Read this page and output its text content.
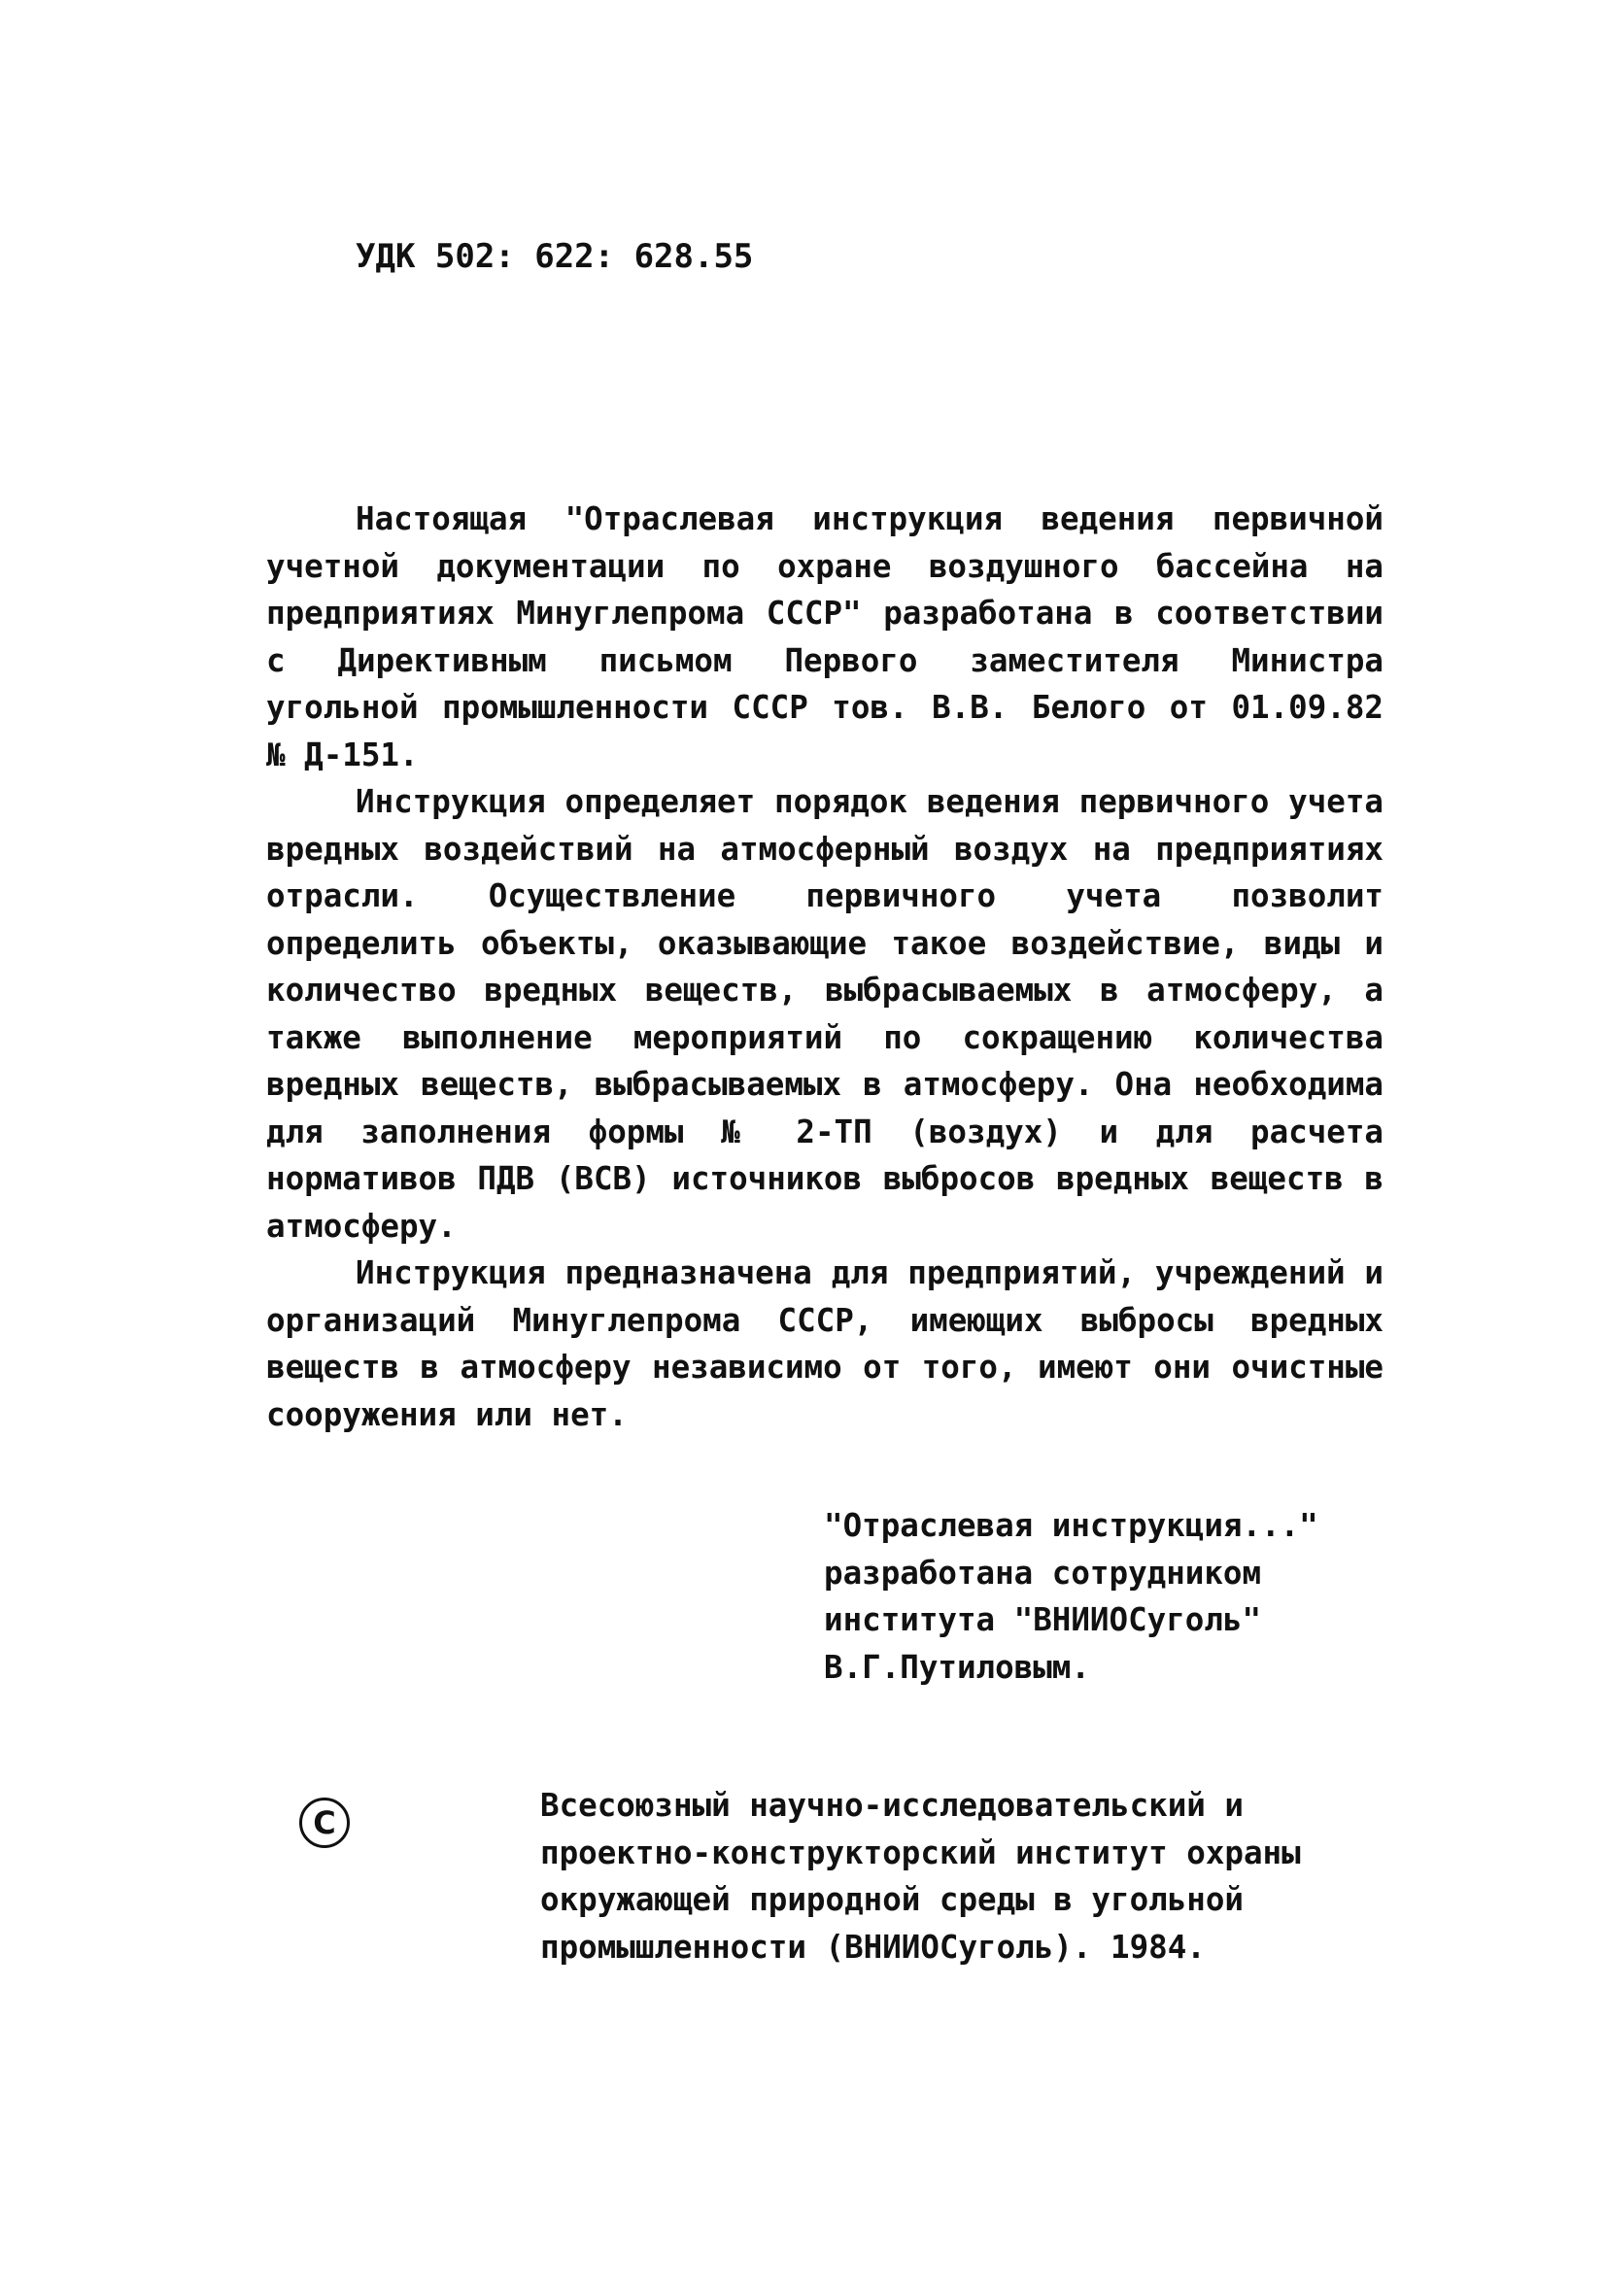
УДК 502: 622: 628.55

Настоящая "Отраслевая инструкция ведения первичной учетной документации по охране воздушного бассейна на предприятиях Минуглепрома СССР" разработана в соответствии с Директивным письмом Первого заместителя Министра угольной промышленности СССР тов. В.В. Белого от 01.09.82 № Д-151.

Инструкция определяет порядок ведения первичного учета вредных воздействий на атмосферный воздух на предприятиях отрасли. Осуществление первичного учета позволит определить объекты, оказывающие такое воздействие, виды и количество вредных веществ, выбрасываемых в атмосферу, а также выполнение мероприятий по сокращению количества вредных веществ, выбрасываемых в атмосферу. Она необходима для заполнения формы № 2-ТП (воздух) и для расчета нормативов ПДВ (ВСВ) источников выбросов вредных веществ в атмосферу.

Инструкция предназначена для предприятий, учреждений и организаций Минуглепрома СССР, имеющих выбросы вредных веществ в атмосферу независимо от того, имеют они очистные сооружения или нет.

"Отраслевая инструкция..."
разработана сотрудником
института "ВНИИОСуголь"
В.Г.Путиловым.
C	Всесоюзный научно-исследовательский и
проектно-конструкторский институт охраны
окружающей природной среды в угольной
промышленности (ВНИИОСуголь). 1984.
